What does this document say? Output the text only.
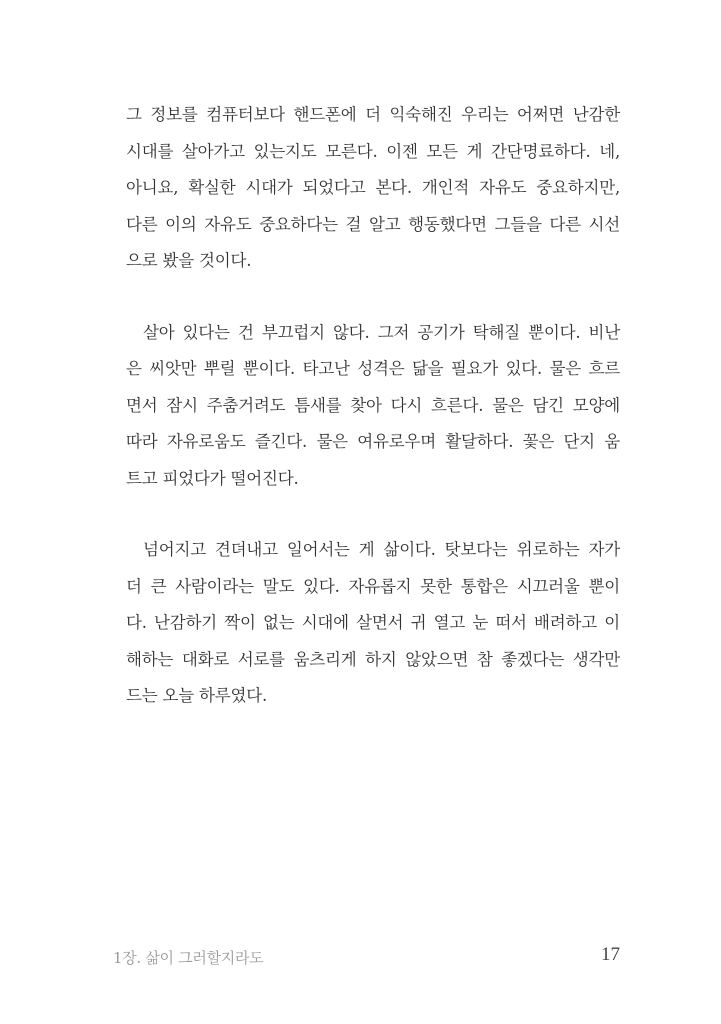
그 정보를 컴퓨터보다 핸드폰에 더 익숙해진 우리는 어쩌면 난감한
시대를 살아가고 있는지도 모른다. 이젠 모든 게 간단명료하다. 네,
아니요, 확실한 시대가 되었다고 본다. 개인적 자유도 중요하지만,
다른 이의 자유도 중요하다는 걸 알고 행동했다면 그들을 다른 시선
으로 봤을 것이다.
살아 있다는 건 부끄럽지 않다. 그저 공기가 탁해질 뿐이다. 비난
은 씨앗만 뿌릴 뿐이다. 타고난 성격은 닮을 필요가 있다. 물은 흐르
면서 잠시 주춤거려도 틈새를 찾아 다시 흐른다. 물은 담긴 모양에
따라 자유로움도 즐긴다. 물은 여유로우며 활달하다. 꽃은 단지 움
트고 피었다가 떨어진다.
넘어지고 견뎌내고 일어서는 게 삶이다. 탓보다는 위로하는 자가
더 큰 사람이라는 말도 있다. 자유롭지 못한 통합은 시끄러울 뿐이
다. 난감하기 짝이 없는 시대에 살면서 귀 열고 눈 떠서 배려하고 이
해하는 대화로 서로를 움츠리게 하지 않았으면 참 좋겠다는 생각만
드는 오늘 하루였다.
1장. 삶이 그러할지라도	17
